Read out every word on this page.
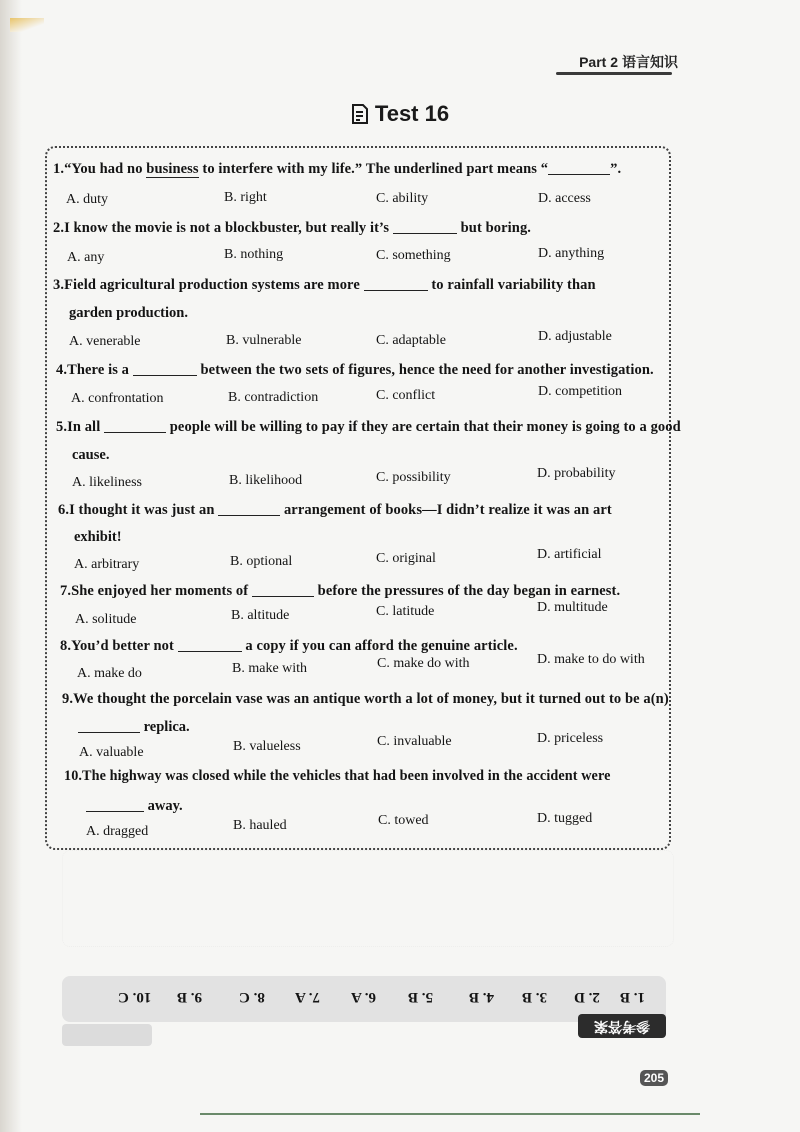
Part 2 语言知识
Test 16
1.“You had no business to interfere with my life.” The underlined part means “	”.
A. duty	B. right	C. ability	D. access
2.I know the movie is not a blockbuster, but really it’s	but boring.
A. any	B. nothing	C. something	D. anything
3.Field agricultural production systems are more	to rainfall variability than
garden production.
A. venerable	B. vulnerable	C. adaptable	D. adjustable
4.There is a	between the two sets of figures, hence the need for another investigation.
A. confrontation	B. contradiction	C. conflict	D. competition
5.In all	people will be willing to pay if they are certain that their money is going to a good
cause.
A. likeliness	B. likelihood	C. possibility	D. probability
6.I thought it was just an	arrangement of books—I didn’t realize it was an art
exhibit!
A. arbitrary	B. optional	C. original	D. artificial
7.She enjoyed her moments of	before the pressures of the day began in earnest.
A. solitude	B. altitude	C. latitude	D. multitude
8.You’d better not	a copy if you can afford the genuine article.
A. make do	B. make with	C. make do with	D. make to do with
9.We thought the porcelain vase was an antique worth a lot of money, but it turned out to be a(n)
replica.
A. valuable	B. valueless	C. invaluable	D. priceless
10.The highway was closed while the vehicles that had been involved in the accident were
away.
A. dragged	B. hauled	C. towed	D. tugged
1. B
2. D
3. B
4. B
5. B
6. A
7. A
8. C
9. B
10. C
参考答案
205
